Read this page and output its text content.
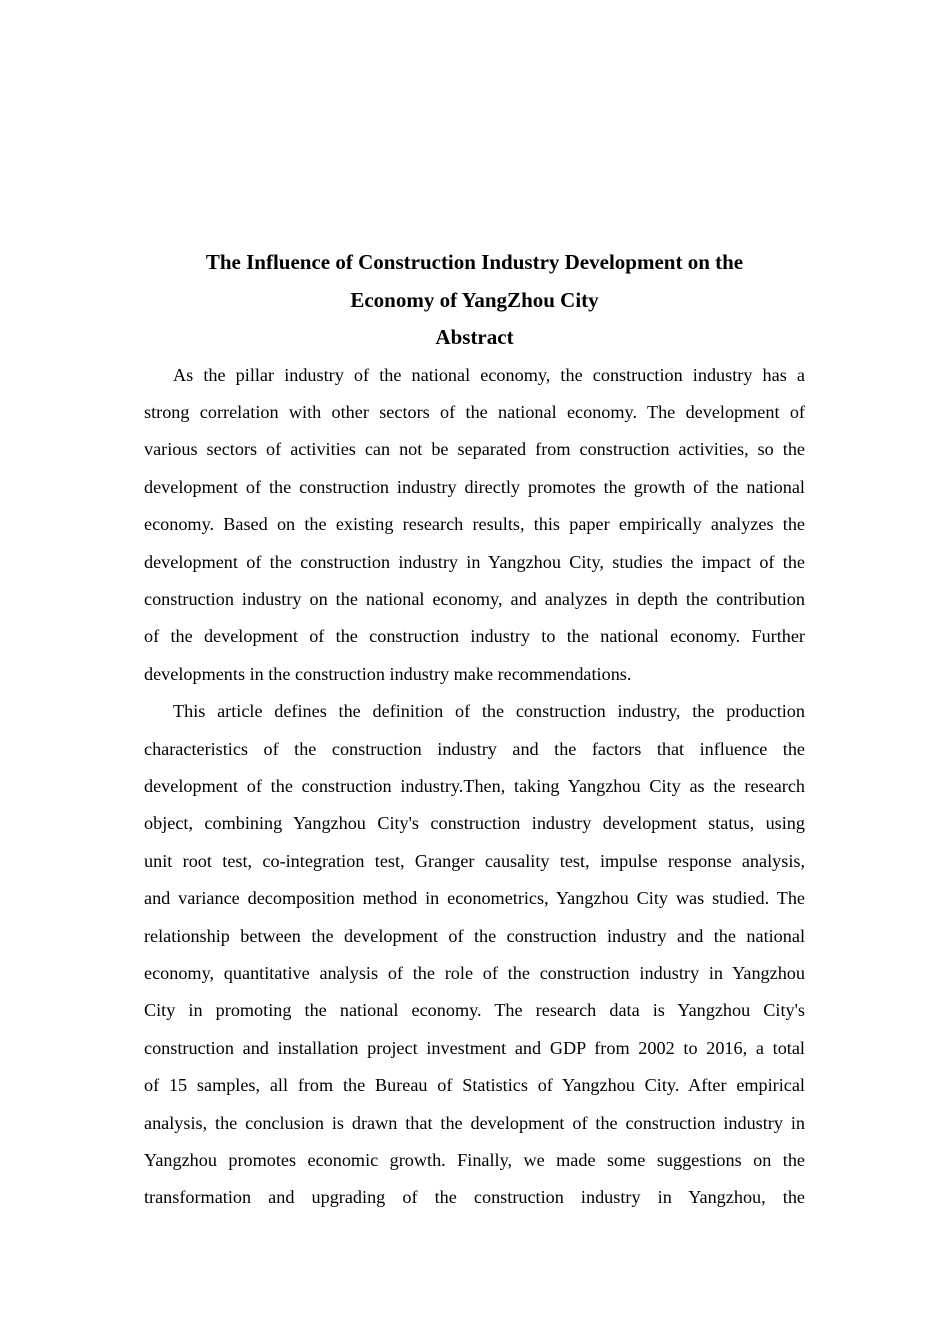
The Influence of Construction Industry Development on the
Economy of YangZhou City
Abstract
As the pillar industry of the national economy, the construction industry has a
strong correlation with other sectors of the national economy. The development of
various sectors of activities can not be separated from construction activities, so the
development of the construction industry directly promotes the growth of the national
economy. Based on the existing research results, this paper empirically analyzes the
development of the construction industry in Yangzhou City, studies the impact of the
construction industry on the national economy, and analyzes in depth the contribution
of the development of the construction industry to the national economy. Further
developments in the construction industry make recommendations.
This article defines the definition of the construction industry, the production
characteristics of the construction industry and the factors that influence the
development of the construction industry.Then, taking Yangzhou City as the research
object, combining Yangzhou City's construction industry development status, using
unit root test, co-integration test, Granger causality test, impulse response analysis,
and variance decomposition method in econometrics, Yangzhou City was studied. The
relationship between the development of the construction industry and the national
economy, quantitative analysis of the role of the construction industry in Yangzhou
City in promoting the national economy. The research data is Yangzhou City's
construction and installation project investment and GDP from 2002 to 2016, a total
of 15 samples, all from the Bureau of Statistics of Yangzhou City. After empirical
analysis, the conclusion is drawn that the development of the construction industry in
Yangzhou promotes economic growth. Finally, we made some suggestions on the
transformation and upgrading of the construction industry in Yangzhou, the
